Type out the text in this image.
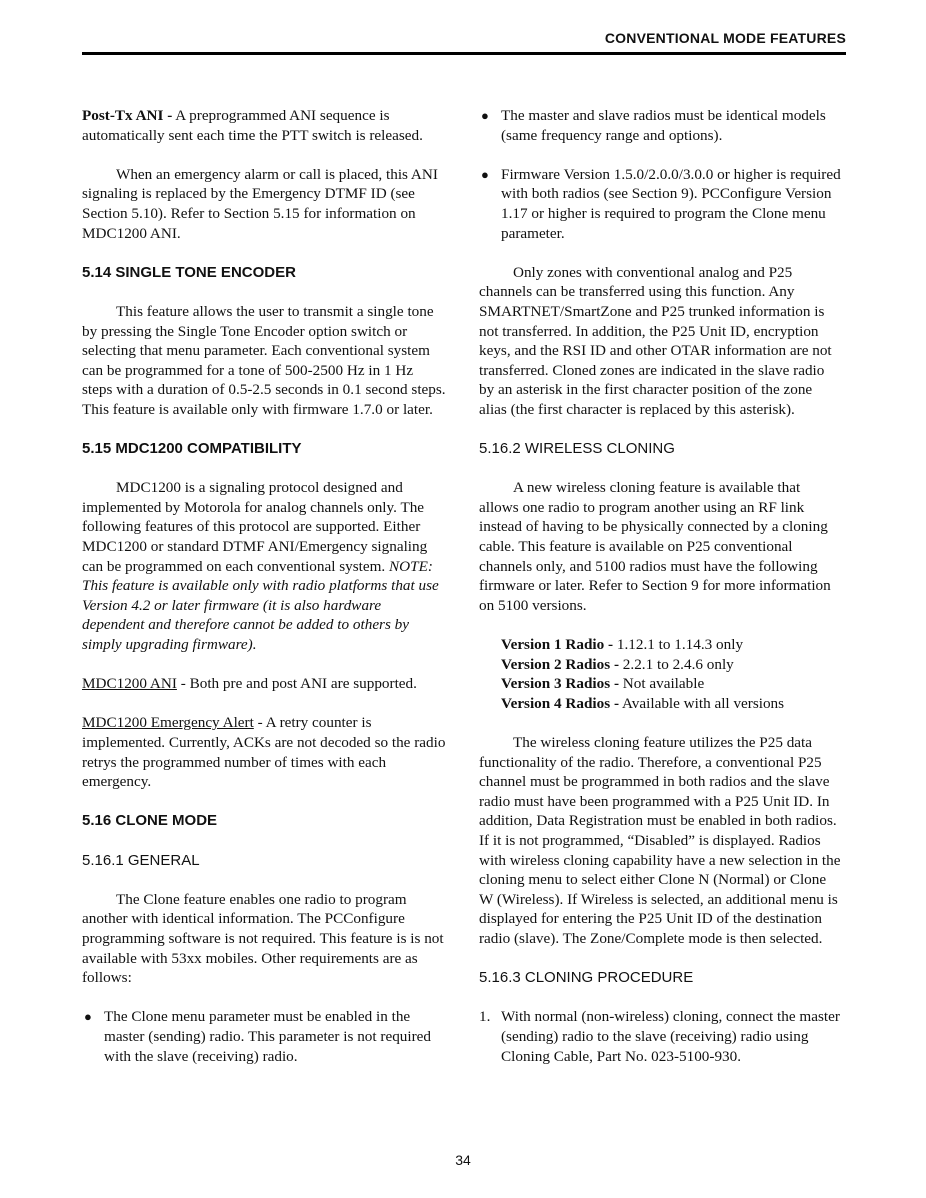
CONVENTIONAL MODE FEATURES

Post-Tx ANI - A preprogrammed ANI sequence is automatically sent each time the PTT switch is released.

When an emergency alarm or call is placed, this ANI signaling is replaced by the Emergency DTMF ID (see Section 5.10). Refer to Section 5.15 for information on MDC1200 ANI.

5.14 SINGLE TONE ENCODER

This feature allows the user to transmit a single tone by pressing the Single Tone Encoder option switch or selecting that menu parameter. Each conventional system can be programmed for a tone of 500-2500 Hz in 1 Hz steps with a duration of 0.5-2.5 seconds in 0.1 second steps. This feature is available only with firmware 1.7.0 or later.

5.15 MDC1200 COMPATIBILITY

MDC1200 is a signaling protocol designed and implemented by Motorola for analog channels only. The following features of this protocol are supported. Either MDC1200 or standard DTMF ANI/Emergency signaling can be programmed on each conventional system. NOTE: This feature is available only with radio platforms that use Version 4.2 or later firmware (it is also hardware dependent and therefore cannot be added to others by simply upgrading firmware).

MDC1200 ANI - Both pre and post ANI are supported.

MDC1200 Emergency Alert - A retry counter is implemented. Currently, ACKs are not decoded so the radio retrys the programmed number of times with each emergency.

5.16 CLONE MODE
5.16.1 GENERAL

The Clone feature enables one radio to program another with identical information. The PCConfigure programming software is not required. This feature is is not available with 53xx mobiles. Other requirements are as follows:

● The Clone menu parameter must be enabled in the master (sending) radio. This parameter is not required with the slave (receiving) radio.
● The master and slave radios must be identical models (same frequency range and options).
● Firmware Version 1.5.0/2.0.0/3.0.0 or higher is required with both radios (see Section 9). PCConfigure Version 1.17 or higher is required to program the Clone menu parameter.

Only zones with conventional analog and P25 channels can be transferred using this function. Any SMARTNET/SmartZone and P25 trunked information is not transferred. In addition, the P25 Unit ID, encryption keys, and the RSI ID and other OTAR information are not transferred. Cloned zones are indicated in the slave radio by an asterisk in the first character position of the zone alias (the first character is replaced by this asterisk).

5.16.2 WIRELESS CLONING

A new wireless cloning feature is available that allows one radio to program another using an RF link instead of having to be physically connected by a cloning cable. This feature is available on P25 conventional channels only, and 5100 radios must have the following firmware or later. Refer to Section 9 for more information on 5100 versions.

Version 1 Radio - 1.12.1 to 1.14.3 only
Version 2 Radios - 2.2.1 to 2.4.6 only
Version 3 Radios - Not available
Version 4 Radios - Available with all versions

The wireless cloning feature utilizes the P25 data functionality of the radio. Therefore, a conventional P25 channel must be programmed in both radios and the slave radio must have been programmed with a P25 Unit ID. In addition, Data Registration must be enabled in both radios. If it is not programmed, “Disabled” is displayed. Radios with wireless cloning capability have a new selection in the cloning menu to select either Clone N (Normal) or Clone W (Wireless). If Wireless is selected, an additional menu is displayed for entering the P25 Unit ID of the destination radio (slave). The Zone/Complete mode is then selected.

5.16.3 CLONING PROCEDURE
1. With normal (non-wireless) cloning, connect the master (sending) radio to the slave (receiving) radio using Cloning Cable, Part No. 023-5100-930.
34
